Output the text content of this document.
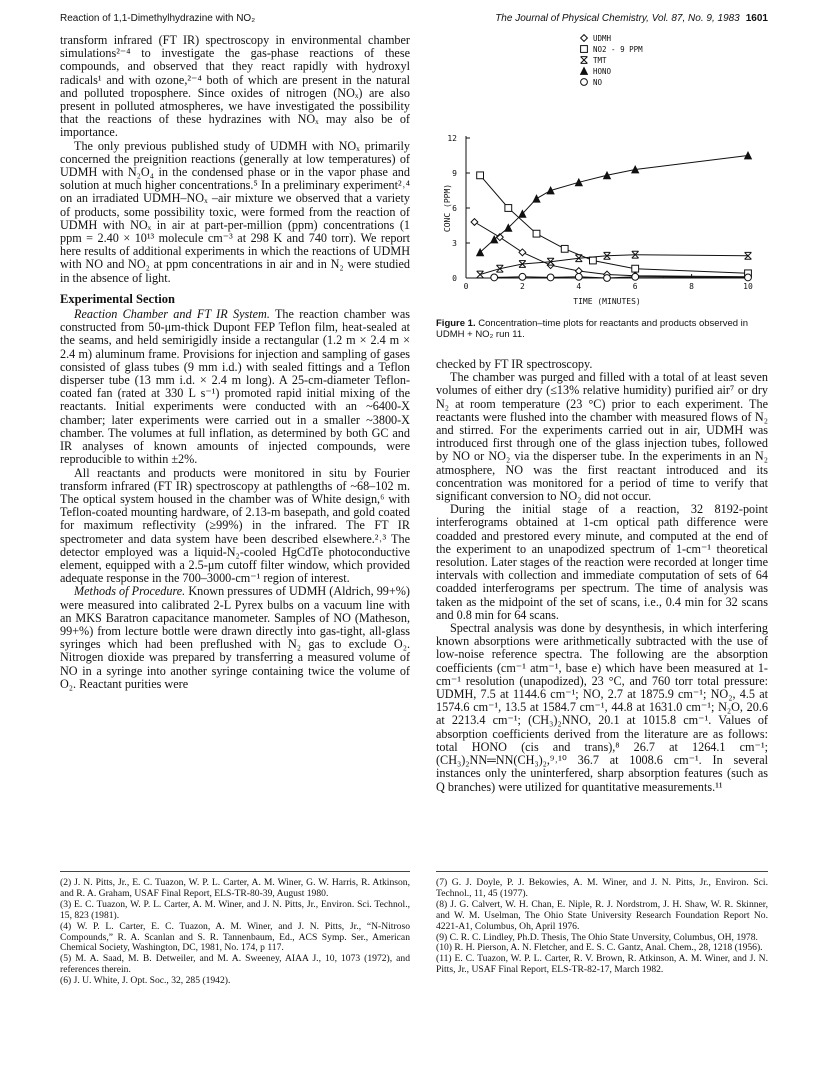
Reaction of 1,1-Dimethylhydrazine with NO₂	The Journal of Physical Chemistry, Vol. 87, No. 9, 1983 1601

transform infrared (FT IR) spectroscopy in environmental chamber simulations²⁻⁴ to investigate the gas-phase reactions of these compounds, and observed that they react rapidly with hydroxyl radicals¹ and with ozone,²⁻⁴ both of which are present in the natural and polluted troposphere. Since oxides of nitrogen (NOₓ) are also present in polluted atmospheres, we have investigated the possibility that the reactions of these hydrazines with NOₓ may also be of importance.

The only previous published study of UDMH with NOₓ primarily concerned the preignition reactions (generally at low temperatures) of UDMH with N₂O₄ in the condensed phase or in the vapor phase and solution at much higher concentrations.⁵ In a preliminary experiment²˒⁴ on an irradiated UDMH–NOₓ –air mixture we observed that a variety of products, some possibility toxic, were formed from the reaction of UDMH with NOₓ in air at part-per-million (ppm) concentrations (1 ppm = 2.40 × 10¹³ molecule cm⁻³ at 298 K and 740 torr). We report here results of additional experiments in which the reactions of UDMH with NO and NO₂ at ppm concentrations in air and in N₂ were studied in the absence of light.

Experimental Section

Reaction Chamber and FT IR System. The reaction chamber was constructed from 50-μm-thick Dupont FEP Teflon film, heat-sealed at the seams, and held semirigidly inside a rectangular (1.2 m × 2.4 m × 2.4 m) aluminum frame. Provisions for injection and sampling of gases consisted of glass tubes (9 mm i.d.) with sealed fittings and a Teflon disperser tube (13 mm i.d. × 2.4 m long). A 25-cm-diameter Teflon-coated fan (rated at 330 L s⁻¹) promoted rapid initial mixing of the reactants. Initial experiments were conducted with an ~6400-X chamber; later experiments were carried out in a smaller ~3800-X chamber. The volumes at full inflation, as determined by both GC and IR analyses of known amounts of injected compounds, were reproducible to within ±2%.

All reactants and products were monitored in situ by Fourier transform infrared (FT IR) spectroscopy at pathlengths of ~68–102 m. The optical system housed in the chamber was of White design,⁶ with Teflon-coated mounting hardware, of 2.13-m basepath, and gold coated for maximum reflectivity (≥99%) in the infrared. The FT IR spectrometer and data system have been described elsewhere.²˒³ The detector employed was a liquid-N₂-cooled HgCdTe photoconductive element, equipped with a 2.5-μm cutoff filter window, which provided adequate response in the 700–3000-cm⁻¹ region of interest.

Methods of Procedure. Known pressures of UDMH (Aldrich, 99+%) were measured into calibrated 2-L Pyrex bulbs on a vacuum line with an MKS Baratron capacitance manometer. Samples of NO (Matheson, 99+%) from lecture bottle were drawn directly into gas-tight, all-glass syringes which had been preflushed with N₂ gas to exclude O₂. Nitrogen dioxide was prepared by transferring a measured volume of NO in a syringe into another syringe containing twice the volume of O₂. Reactant purities were

0	2	4	6	8	10
0
3
6
9
12
TIME (MINUTES)
CONC (PPM)
UDMH
NO2 - 9 PPM
TMT
HONO
NO
Figure 1. Concentration–time plots for reactants and products observed in UDMH + NO₂ run 11.

checked by FT IR spectroscopy.

The chamber was purged and filled with a total of at least seven volumes of either dry (≤13% relative humidity) purified air⁷ or dry N₂ at room temperature (23 °C) prior to each experiment. The reactants were flushed into the chamber with measured flows of N₂ and stirred. For the experiments carried out in air, UDMH was introduced first through one of the glass injection tubes, followed by NO or NO₂ via the disperser tube. In the experiments in an N₂ atmosphere, NO was the first reactant introduced and its concentration was monitored for a period of time to verify that significant conversion to NO₂ did not occur.

During the initial stage of a reaction, 32 8192-point interferograms obtained at 1-cm optical path difference were coadded and prestored every minute, and computed at the end of the experiment to an unapodized spectrum of 1-cm⁻¹ theoretical resolution. Later stages of the reaction were recorded at longer time intervals with collection and immediate computation of sets of 64 coadded interferograms per spectrum. The time of analysis was taken as the midpoint of the set of scans, i.e., 0.4 min for 32 scans and 0.8 min for 64 scans.

Spectral analysis was done by desynthesis, in which interfering known absorptions were arithmetically subtracted with the use of low-noise reference spectra. The following are the absorption coefficients (cm⁻¹ atm⁻¹, base e) which have been measured at 1-cm⁻¹ resolution (unapodized), 23 °C, and 760 torr total pressure: UDMH, 7.5 at 1144.6 cm⁻¹; NO, 2.7 at 1875.9 cm⁻¹; NO₂, 4.5 at 1574.6 cm⁻¹, 13.5 at 1584.7 cm⁻¹, 44.8 at 1631.0 cm⁻¹; N₂O, 20.6 at 2213.4 cm⁻¹; (CH₃)₂NNO, 20.1 at 1015.8 cm⁻¹. Values of absorption coefficients derived from the literature are as follows: total HONO (cis and trans),⁸ 26.7 at 1264.1 cm⁻¹; (CH₃)₂NN═NN(CH₃)₂,⁹˒¹⁰ 36.7 at 1008.6 cm⁻¹. In several instances only the uninterfered, sharp absorption features (such as Q branches) were utilized for quantitative measurements.¹¹

(2) J. N. Pitts, Jr., E. C. Tuazon, W. P. L. Carter, A. M. Winer, G. W. Harris, R. Atkinson, and R. A. Graham, USAF Final Report, ELS-TR-80-39, August 1980.

(3) E. C. Tuazon, W. P. L. Carter, A. M. Winer, and J. N. Pitts, Jr., Environ. Sci. Technol., 15, 823 (1981).

(4) W. P. L. Carter, E. C. Tuazon, A. M. Winer, and J. N. Pitts, Jr., “N-Nitroso Compounds,” R. A. Scanlan and S. R. Tannenbaum, Ed., ACS Symp. Ser., American Chemical Society, Washington, DC, 1981, No. 174, p 117.

(5) M. A. Saad, M. B. Detweiler, and M. A. Sweeney, AIAA J., 10, 1073 (1972), and references therein.

(6) J. U. White, J. Opt. Soc., 32, 285 (1942).

(7) G. J. Doyle, P. J. Bekowies, A. M. Winer, and J. N. Pitts, Jr., Environ. Sci. Technol., 11, 45 (1977).

(8) J. G. Calvert, W. H. Chan, E. Niple, R. J. Nordstrom, J. H. Shaw, W. R. Skinner, and W. M. Uselman, The Ohio State University Research Foundation Report No. 4221-A1, Columbus, Oh, April 1976.

(9) C. R. C. Lindley, Ph.D. Thesis, The Ohio State Unversity, Columbus, OH, 1978.

(10) R. H. Pierson, A. N. Fletcher, and E. S. C. Gantz, Anal. Chem., 28, 1218 (1956).

(11) E. C. Tuazon, W. P. L. Carter, R. V. Brown, R. Atkinson, A. M. Winer, and J. N. Pitts, Jr., USAF Final Report, ELS-TR-82-17, March 1982.
